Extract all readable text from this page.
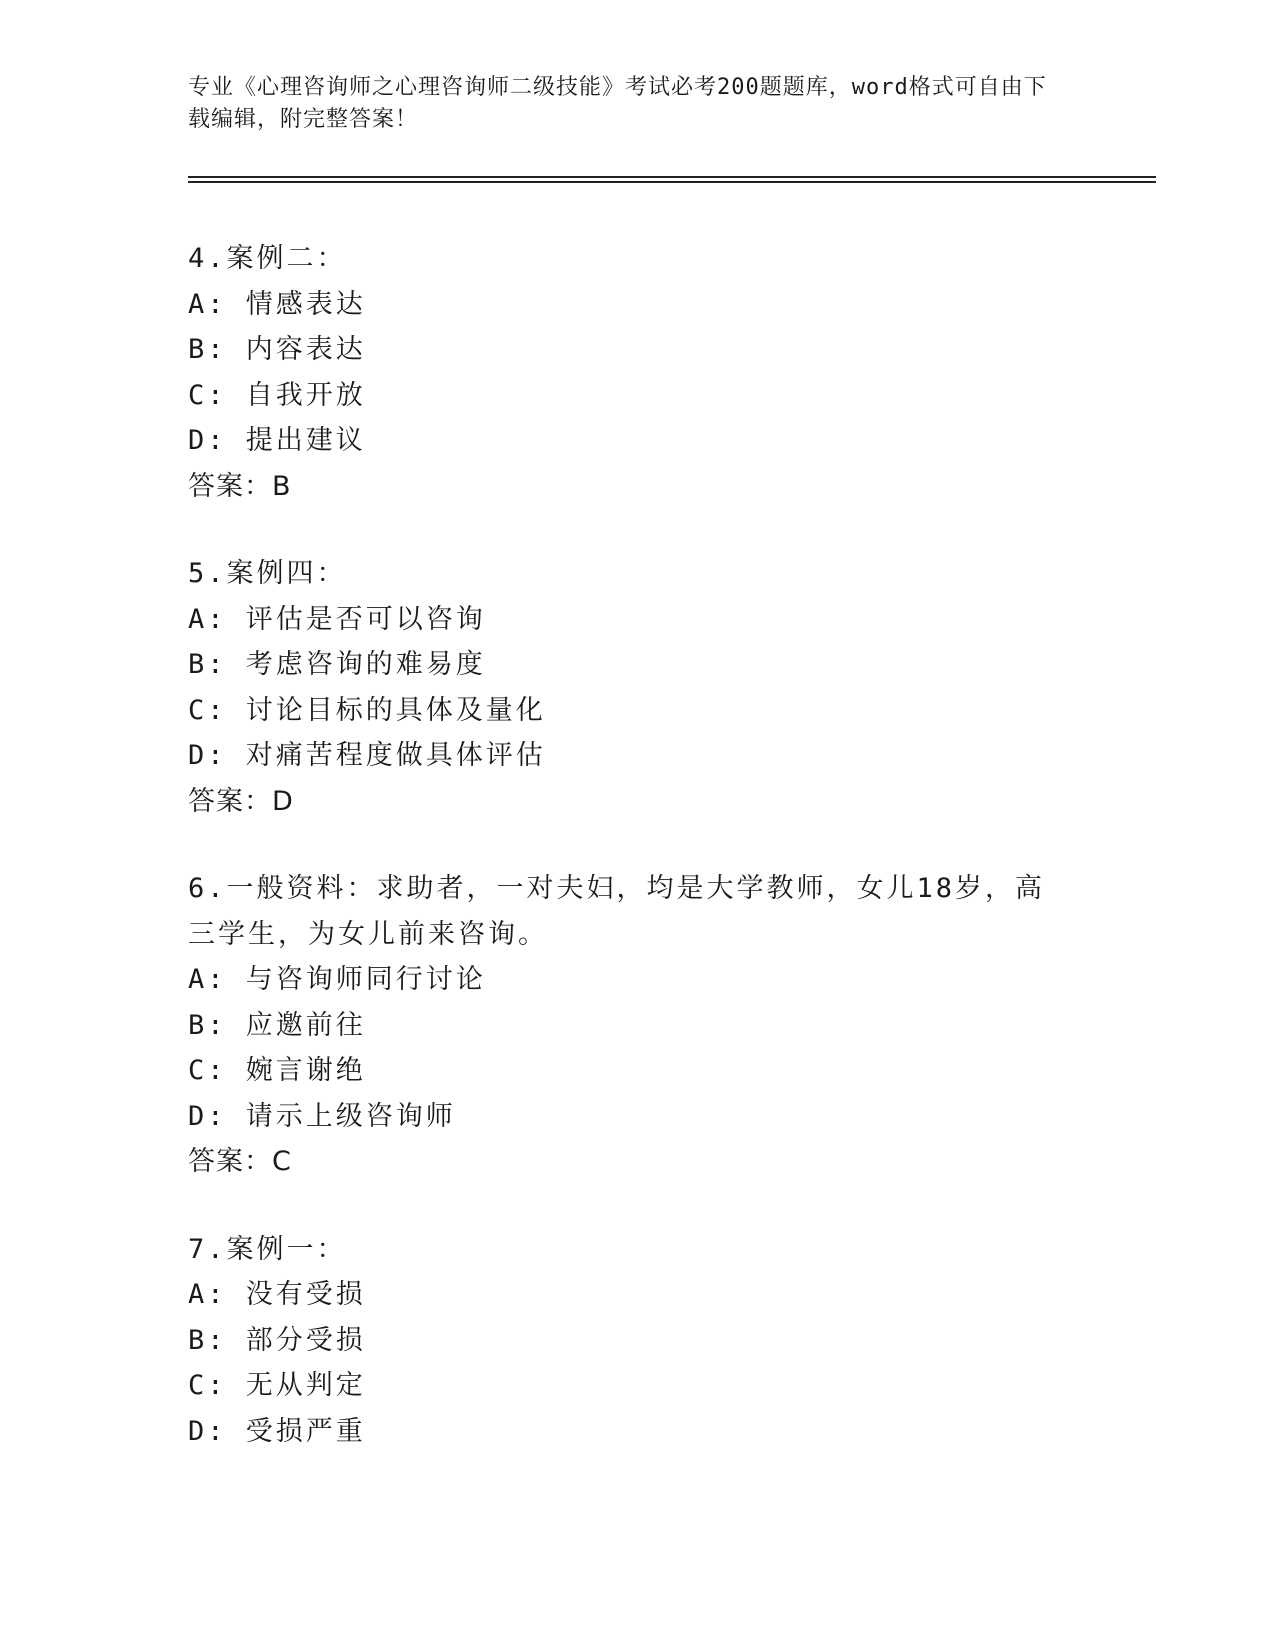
专业《心理咨询师之心理咨询师二级技能》考试必考200题题库，word格式可自由下载编辑，附完整答案！
4.案例二：
A: 情感表达
B: 内容表达
C: 自我开放
D: 提出建议
答案：B
5.案例四：
A: 评估是否可以咨询
B: 考虑咨询的难易度
C: 讨论目标的具体及量化
D: 对痛苦程度做具体评估
答案：D
6.一般资料：求助者，一对夫妇，均是大学教师，女儿18岁，高三学生，为女儿前来咨询。
A: 与咨询师同行讨论
B: 应邀前往
C: 婉言谢绝
D: 请示上级咨询师
答案：C
7.案例一：
A: 没有受损
B: 部分受损
C: 无从判定
D: 受损严重
